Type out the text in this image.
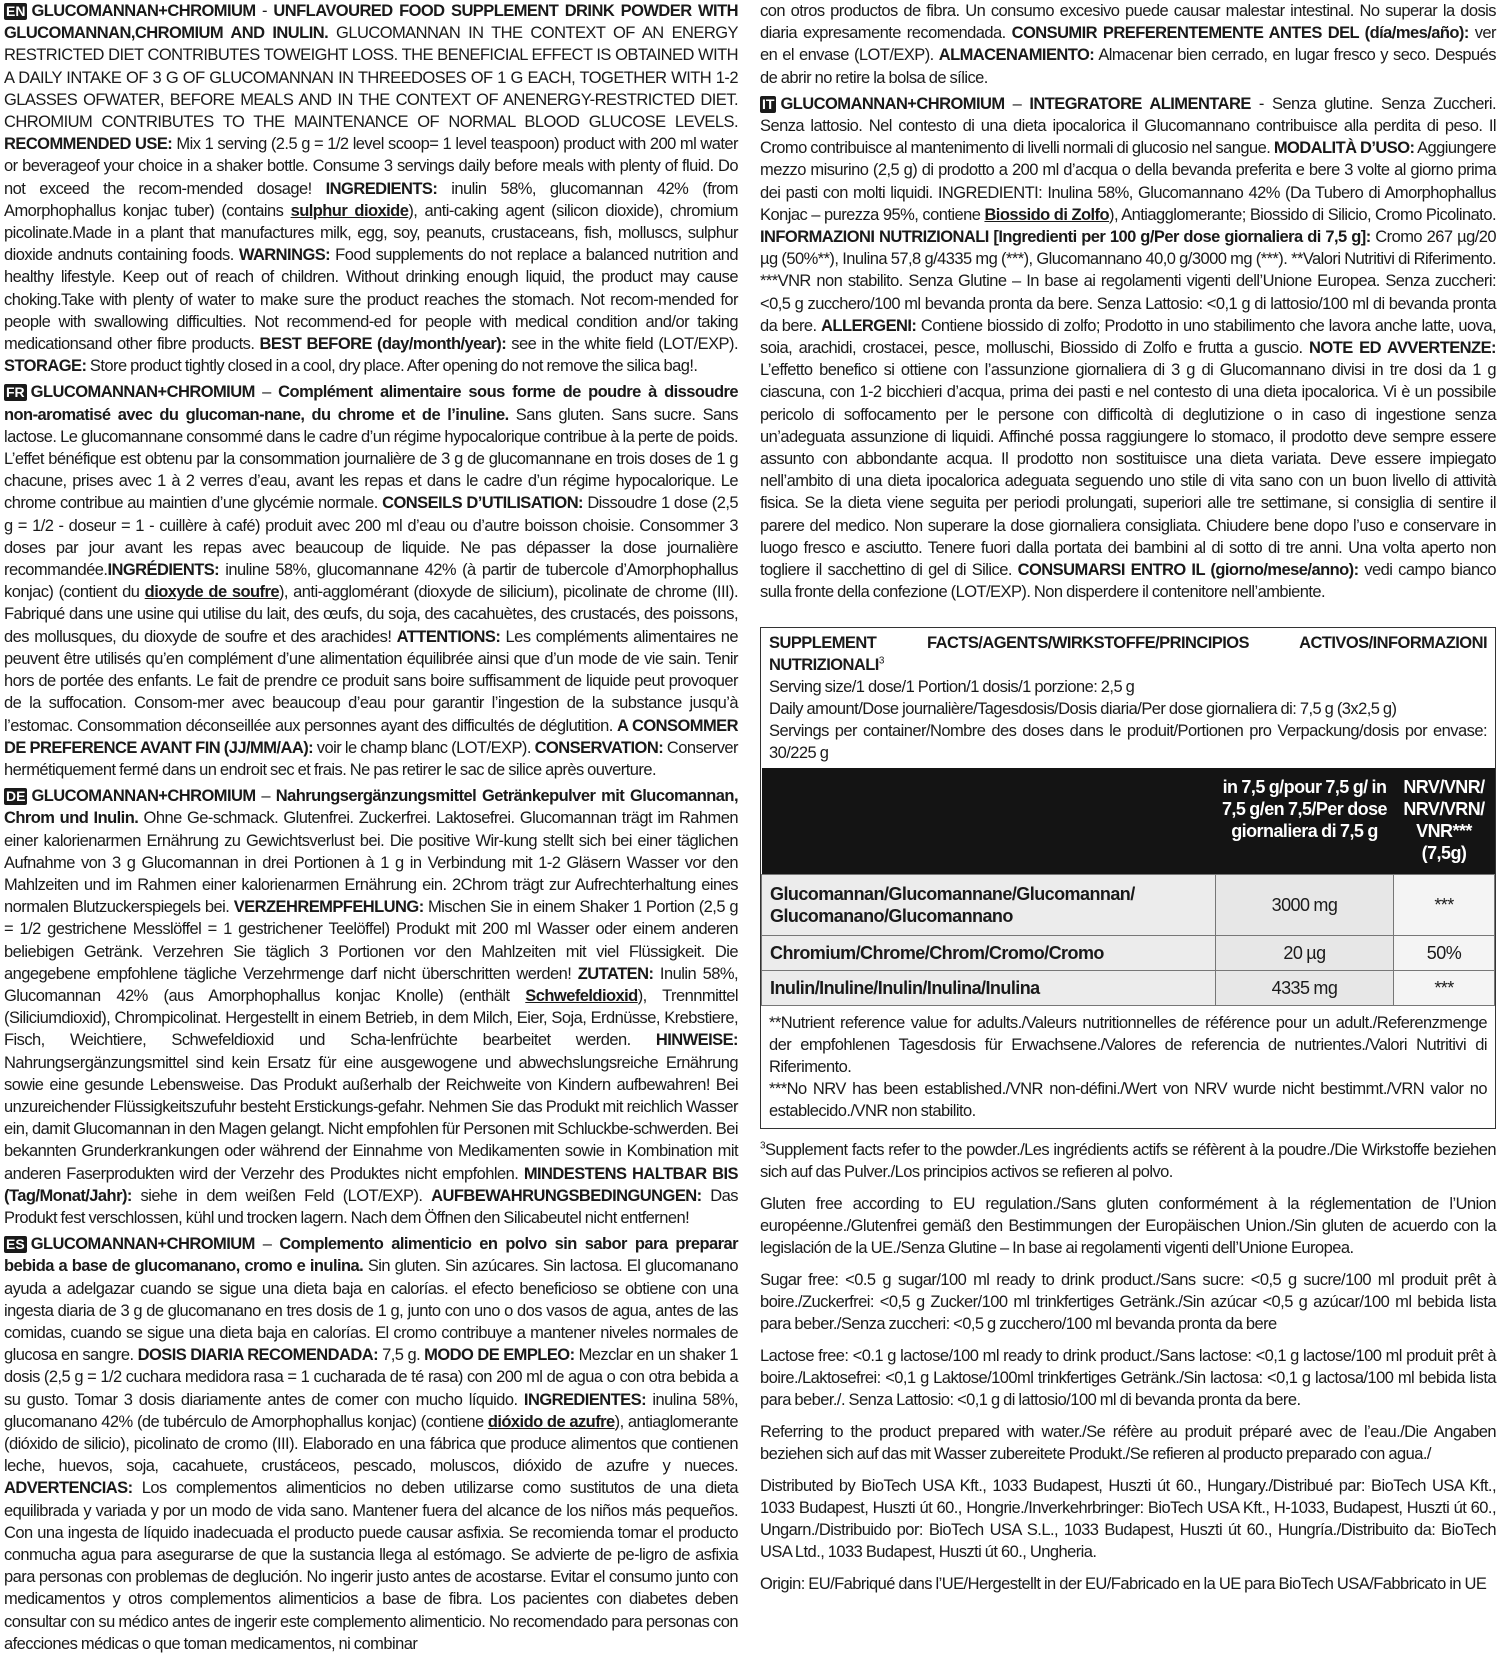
EN GLUCOMANNAN+CHROMIUM - UNFLAVOURED FOOD SUPPLEMENT DRINK POWDER WITH GLUCOMANNAN,CHROMIUM AND INULIN. GLUCOMANNAN IN THE CONTEXT OF AN ENERGY RESTRICTED DIET CONTRIBUTES TOWEIGHT LOSS. THE BENEFICIAL EFFECT IS OBTAINED WITH A DAILY INTAKE OF 3 G OF GLUCOMANNAN IN THREEDOSES OF 1 G EACH, TOGETHER WITH 1-2 GLASSES OFWATER, BEFORE MEALS AND IN THE CONTEXT OF ANENERGY-RESTRICTED DIET. CHROMIUM CONTRIBUTES TO THE MAINTENANCE OF NORMAL BLOOD GLUCOSE LEVELS. RECOMMENDED USE: Mix 1 serving (2.5 g = 1/2 level scoop= 1 level teaspoon) product with 200 ml water or beverageof your choice in a shaker bottle. Consume 3 servings daily before meals with plenty of fluid. Do not exceed the recom-mended dosage! INGREDIENTS: inulin 58%, glucomannan 42% (from Amorphophallus konjac tuber) (contains sulphur dioxide), anti-caking agent (silicon dioxide), chromium picolinate.Made in a plant that manufactures milk, egg, soy, peanuts, crustaceans, fish, molluscs, sulphur dioxide andnuts containing foods. WARNINGS: Food supplements do not replace a balanced nutrition and healthy lifestyle. Keep out of reach of children. Without drinking enough liquid, the product may cause choking.Take with plenty of water to make sure the product reaches the stomach. Not recom-mended for people with swallowing difficulties. Not recommend-ed for people with medical condition and/or taking medicationsand other fibre products. BEST BEFORE (day/month/year): see in the white field (LOT/EXP). STORAGE: Store product tightly closed in a cool, dry place. After opening do not remove the silica bag!.

FR GLUCOMANNAN+CHROMIUM – Complément alimentaire sous forme de poudre à dissoudre non-aromatisé avec du glucoman-nane, du chrome et de l’inuline. Sans gluten. Sans sucre. Sans lactose. Le glucomannane consommé dans le cadre d’un régime hypocalorique contribue à la perte de poids. L’effet bénéfique est obtenu par la consommation journalière de 3 g de glucomannane en trois doses de 1 g chacune, prises avec 1 à 2 verres d’eau, avant les repas et dans le cadre d’un régime hypocalorique. Le chrome contribue au maintien d’une glycémie normale. CONSEILS D’UTILISATION: Dissoudre 1 dose (2,5 g = 1/2 - doseur = 1 - cuillère à café) produit avec 200 ml d’eau ou d’autre boisson choisie. Consommer 3 doses par jour avant les repas avec beaucoup de liquide. Ne pas dépasser la dose journalière recommandée.INGRÉDIENTS: inuline 58%, glucomannane 42% (à partir de tubercole d’Amorphophallus konjac) (contient du dioxyde de soufre), anti-agglomérant (dioxyde de silicium), picolinate de chrome (III). Fabriqué dans une usine qui utilise du lait, des œufs, du soja, des cacahuètes, des crustacés, des poissons, des mollusques, du dioxyde de soufre et des arachides! ATTENTIONS: Les compléments alimentaires ne peuvent être utilisés qu’en complément d’une alimentation équilibrée ainsi que d’un mode de vie sain. Tenir hors de portée des enfants. Le fait de prendre ce produit sans boire suffisamment de liquide peut provoquer de la suffocation. Consom-mer avec beaucoup d’eau pour garantir l’ingestion de la substance jusqu’à l’estomac. Consommation déconseillée aux personnes ayant des difficultés de déglutition. A CONSOMMER DE PREFERENCE AVANT FIN (JJ/MM/AA): voir le champ blanc (LOT/EXP). CONSERVATION: Conserver hermétiquement fermé dans un endroit sec et frais. Ne pas retirer le sac de silice après ouverture.

DE GLUCOMANNAN+CHROMIUM – Nahrungsergänzungsmittel Getränkepulver mit Glucomannan, Chrom und Inulin. Ohne Ge-schmack. Glutenfrei. Zuckerfrei. Laktosefrei. Glucomannan trägt im Rahmen einer kalorienarmen Ernährung zu Gewichtsverlust bei. Die positive Wir-kung stellt sich bei einer täglichen Aufnahme von 3 g Glucomannan in drei Portionen à 1 g in Verbindung mit 1-2 Gläsern Wasser vor den Mahlzeiten und im Rahmen einer kalorienarmen Ernährung ein. 2Chrom trägt zur Aufrechterhaltung eines normalen Blutzuckerspiegels bei. VERZEHREMPFEHLUNG: Mischen Sie in einem Shaker 1 Portion (2,5 g = 1/2 gestrichene Messlöffel = 1 gestrichener Teelöffel) Produkt mit 200 ml Wasser oder einem anderen beliebigen Getränk. Verzehren Sie täglich 3 Portionen vor den Mahlzeiten mit viel Flüssigkeit. Die angegebene empfohlene tägliche Verzehrmenge darf nicht überschritten werden! ZUTATEN: Inulin 58%, Glucomannan 42% (aus Amorphophallus konjac Knolle) (enthält Schwefeldioxid), Trennmittel (Siliciumdioxid), Chrompicolinat. Hergestellt in einem Betrieb, in dem Milch, Eier, Soja, Erdnüsse, Krebstiere, Fisch, Weichtiere, Schwefeldioxid und Scha-lenfrüchte bearbeitet werden. HINWEISE: Nahrungsergänzungsmittel sind kein Ersatz für eine ausgewogene und abwechslungsreiche Ernährung sowie eine gesunde Lebensweise. Das Produkt außerhalb der Reichweite von Kindern aufbewahren! Bei unzureichender Flüssigkeitszufuhr besteht Erstickungs-gefahr. Nehmen Sie das Produkt mit reichlich Wasser ein, damit Glucomannan in den Magen gelangt. Nicht empfohlen für Personen mit Schluckbe-schwerden. Bei bekannten Grunderkrankungen oder während der Einnahme von Medikamenten sowie in Kombination mit anderen Faserprodukten wird der Verzehr des Produktes nicht empfohlen. MINDESTENS HALTBAR BIS (Tag/Monat/Jahr): siehe in dem weißen Feld (LOT/EXP). AUFBEWAHRUNGSBEDINGUNGEN: Das Produkt fest verschlossen, kühl und trocken lagern. Nach dem Öffnen den Silicabeutel nicht entfernen!

ES GLUCOMANNAN+CHROMIUM – Complemento alimenticio en polvo sin sabor para preparar bebida a base de glucomanano, cromo e inulina. Sin gluten. Sin azúcares. Sin lactosa. El glucomanano ayuda a adelgazar cuando se sigue una dieta baja en calorías. el efecto beneficioso se obtiene con una ingesta diaria de 3 g de glucomanano en tres dosis de 1 g, junto con uno o dos vasos de agua, antes de las comidas, cuando se sigue una dieta baja en calorías. El cromo contribuye a mantener niveles normales de glucosa en sangre. DOSIS DIARIA RECOMENDADA: 7,5 g. MODO DE EMPLEO: Mezclar en un shaker 1 dosis (2,5 g = 1/2 cuchara medidora rasa = 1 cucharada de té rasa) con 200 ml de agua o con otra bebida a su gusto. Tomar 3 dosis diariamente antes de comer con mucho líquido. INGREDIENTES: inulina 58%, glucomanano 42% (de tubérculo de Amorphophallus konjac) (contiene dióxido de azufre), antiaglomerante (dióxido de silicio), picolinato de cromo (III). Elaborado en una fábrica que produce alimentos que contienen leche, huevos, soja, cacahuete, crustáceos, pescado, moluscos, dióxido de azufre y nueces. ADVERTENCIAS: Los complementos alimenticios no deben utilizarse como sustitutos de una dieta equilibrada y variada y por un modo de vida sano. Mantener fuera del alcance de los niños más pequeños. Con una ingesta de líquido inadecuada el producto puede causar asfixia. Se recomienda tomar el producto conmucha agua para asegurarse de que la sustancia llega al estómago. Se advierte de pe-ligro de asfixia para personas con problemas de deglución. No ingerir justo antes de acostarse. Evitar el consumo junto con medicamentos y otros complementos alimenticios a base de fibra. Los pacientes con diabetes deben consultar con su médico antes de ingerir este complemento alimenticio. No recomendado para personas con afecciones médicas o que toman medicamentos, ni combinar

con otros productos de fibra. Un consumo excesivo puede causar malestar intestinal. No superar la dosis diaria expresamente recomendada. CONSUMIR PREFERENTEMENTE ANTES DEL (día/mes/año): ver en el envase (LOT/EXP). ALMACENAMIENTO: Almacenar bien cerrado, en lugar fresco y seco. Después de abrir no retire la bolsa de sílice.

IT GLUCOMANNAN+CHROMIUM – INTEGRATORE ALIMENTARE - Senza glutine. Senza Zuccheri. Senza lattosio. Nel contesto di una dieta ipocalorica il Glucomannano contribuisce alla perdita di peso. Il Cromo contribuisce al mantenimento di livelli normali di glucosio nel sangue. MODALITÀ D’USO: Aggiungere mezzo misurino (2,5 g) di prodotto a 200 ml d’acqua o della bevanda preferita e bere 3 volte al giorno prima dei pasti con molti liquidi. INGREDIENTI: Inulina 58%, Glucomannano 42% (Da Tubero di Amorphophallus Konjac – purezza 95%, contiene Biossido di Zolfo), Antiagglomerante; Biossido di Silicio, Cromo Picolinato. INFORMAZIONI NUTRIZIONALI [Ingredienti per 100 g/Per dose giornaliera di 7,5 g]: Cromo 267 µg/20 µg (50%**), Inulina 57,8 g/4335 mg (***), Glucomannano 40,0 g/3000 mg (***). **Valori Nutritivi di Riferimento. ***VNR non stabilito. Senza Glutine – In base ai regolamenti vigenti dell’Unione Europea. Senza zuccheri: <0,5 g zucchero/100 ml bevanda pronta da bere. Senza Lattosio: <0,1 g di lattosio/100 ml di bevanda pronta da bere. ALLERGENI: Contiene biossido di zolfo; Prodotto in uno stabilimento che lavora anche latte, uova, soia, arachidi, crostacei, pesce, molluschi, Biossido di Zolfo e frutta a guscio. NOTE ED AVVERTENZE: L’effetto benefico si ottiene con l’assunzione giornaliera di 3 g di Glucomannano divisi in tre dosi da 1 g ciascuna, con 1-2 bicchieri d’acqua, prima dei pasti e nel contesto di una dieta ipocalorica. Vi è un possibile pericolo di soffocamento per le persone con difficoltà di deglutizione o in caso di ingestione senza un’adeguata assunzione di liquidi. Affinché possa raggiungere lo stomaco, il prodotto deve sempre essere assunto con abbondante acqua. Il prodotto non sostituisce una dieta variata. Deve essere impiegato nell’ambito di una dieta ipocalorica adeguata seguendo uno stile di vita sano con un buon livello di attività fisica. Se la dieta viene seguita per periodi prolungati, superiori alle tre settimane, si consiglia di sentire il parere del medico. Non superare la dose giornaliera consigliata. Chiudere bene dopo l’uso e conservare in luogo fresco e asciutto. Tenere fuori dalla portata dei bambini al di sotto di tre anni. Una volta aperto non togliere il sacchettino di gel di Silice. CONSUMARSI ENTRO IL (giorno/mese/anno): vedi campo bianco sulla fronte della confezione (LOT/EXP). Non disperdere il contenitore nell’ambiente.

SUPPLEMENT FACTS/AGENTS/WIRKSTOFFE/PRINCIPIOS ACTIVOS/INFORMAZIONI NUTRIZIONALI$^3$
Serving size/1 dose/1 Portion/1 dosis/1 porzione: 2,5 g
Daily amount/Dose journalière/Tagesdosis/Dosis diaria/Per dose giornaliera di: 7,5 g (3x2,5 g)
Servings per container/Nombre des doses dans le produit/Portionen pro Verpackung/dosis por envase: 30/225 g
	in 7,5 g/pour 7,5 g/ in 7,5 g/en 7,5/Per dose giornaliera di 7,5 g	NRV/VNR/ NRV/VRN/ VNR*** (7,5g)
Glucomannan/Glucomannane/Glucomannan/ Glucomanano/Glucomannano	3000 mg	***
Chromium/Chrome/Chrom/Cromo/Cromo	20 µg	50%
Inulin/Inuline/Inulin/Inulina/Inulina	4335 mg	***
**Nutrient reference value for adults./Valeurs nutritionnelles de référence pour un adult./Referenzmenge der empfohlenen Tagesdosis für Erwachsene./Valores de referencia de nutrientes./Valori Nutritivi di Riferimento.
***No NRV has been established./VNR non-défini./Wert von NRV wurde nicht bestimmt./VRN valor no establecido./VNR non stabilito.

$^3$Supplement facts refer to the powder./Les ingrédients actifs se réfèrent à la poudre./Die Wirkstoffe beziehen sich auf das Pulver./Los principios activos se refieren al polvo.

Gluten free according to EU regulation./Sans gluten conformément à la réglementation de l’Union européenne./Glutenfrei gemäß den Bestimmungen der Europäischen Union./Sin gluten de acuerdo con la legislación de la UE./Senza Glutine – In base ai regolamenti vigenti dell’Unione Europea.

Sugar free: <0.5 g sugar/100 ml ready to drink product./Sans sucre: <0,5 g sucre/100 ml produit prêt à boire./Zuckerfrei: <0,5 g Zucker/100 ml trinkfertiges Getränk./Sin azúcar <0,5 g azúcar/100 ml bebida lista para beber./Senza zuccheri: <0,5 g zucchero/100 ml bevanda pronta da bere

Lactose free: <0.1 g lactose/100 ml ready to drink product./Sans lactose: <0,1 g lactose/100 ml produit prêt à boire./Laktosefrei: <0,1 g Laktose/100ml trinkfertiges Getränk./Sin lactosa: <0,1 g lactosa/100 ml bebida lista para beber./. Senza Lattosio: <0,1 g di lattosio/100 ml di bevanda pronta da bere.

Referring to the product prepared with water./Se réfère au produit préparé avec de l’eau./Die Angaben beziehen sich auf das mit Wasser zubereitete Produkt./Se refieren al producto preparado con agua./

Distributed by BioTech USA Kft., 1033 Budapest, Huszti út 60., Hungary./Distribué par: BioTech USA Kft., 1033 Budapest, Huszti út 60., Hongrie./Inverkehrbringer: BioTech USA Kft., H-1033, Budapest, Huszti út 60., Ungarn./Distribuido por: BioTech USA S.L., 1033 Budapest, Huszti út 60., Hungría./Distribuito da: BioTech USA Ltd., 1033 Budapest, Huszti út 60., Ungheria.

Origin: EU/Fabriqué dans l’UE/Hergestellt in der EU/Fabricado en la UE para BioTech USA/Fabbricato in UE
